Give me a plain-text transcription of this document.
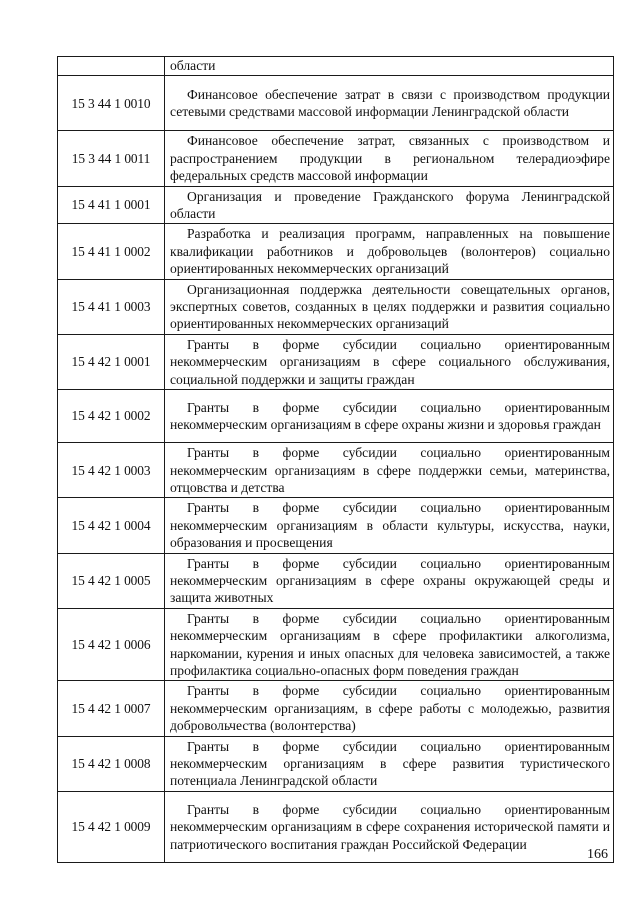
	области

15 3 44 1 0010	Финансовое обеспечение затрат в связи с производством продукции сетевыми средствами массовой информации Ленинградской области

15 3 44 1 0011	Финансовое обеспечение затрат, связанных с производством и распространением продукции в региональном телерадиоэфире федеральных средств массовой информации

15 4 41 1 0001	Организация и проведение Гражданского форума Ленинградской области

15 4 41 1 0002	Разработка и реализация программ, направленных на повышение квалификации работников и добровольцев (волонтеров) социально ориентированных некоммерческих организаций

15 4 41 1 0003	Организационная поддержка деятельности совещательных органов, экспертных советов, созданных в целях поддержки и развития социально ориентированных некоммерческих организаций

15 4 42 1 0001	Гранты в форме субсидии социально ориентированным некоммерческим организациям в сфере социального обслуживания, социальной поддержки и защиты граждан

15 4 42 1 0002	Гранты в форме субсидии социально ориентированным некоммерческим организациям в сфере охраны жизни и здоровья граждан

15 4 42 1 0003	Гранты в форме субсидии социально ориентированным некоммерческим организациям в сфере поддержки семьи, материнства, отцовства и детства

15 4 42 1 0004	Гранты в форме субсидии социально ориентированным некоммерческим организациям в области культуры, искусства, науки, образования и просвещения

15 4 42 1 0005	Гранты в форме субсидии социально ориентированным некоммерческим организациям в сфере охраны окружающей среды и защита животных

15 4 42 1 0006	Гранты в форме субсидии социально ориентированным некоммерческим организациям в сфере профилактики алкоголизма, наркомании, курения и иных опасных для человека зависимостей, а также профилактика социально-опасных форм поведения граждан

15 4 42 1 0007	Гранты в форме субсидии социально ориентированным некоммерческим организациям, в сфере работы с молодежью, развития добровольчества (волонтерства)

15 4 42 1 0008	Гранты в форме субсидии социально ориентированным некоммерческим организациям в сфере развития туристического потенциала Ленинградской области

15 4 42 1 0009	Гранты в форме субсидии социально ориентированным некоммерческим организациям в сфере сохранения исторической памяти и патриотического воспитания граждан Российской Федерации
166
